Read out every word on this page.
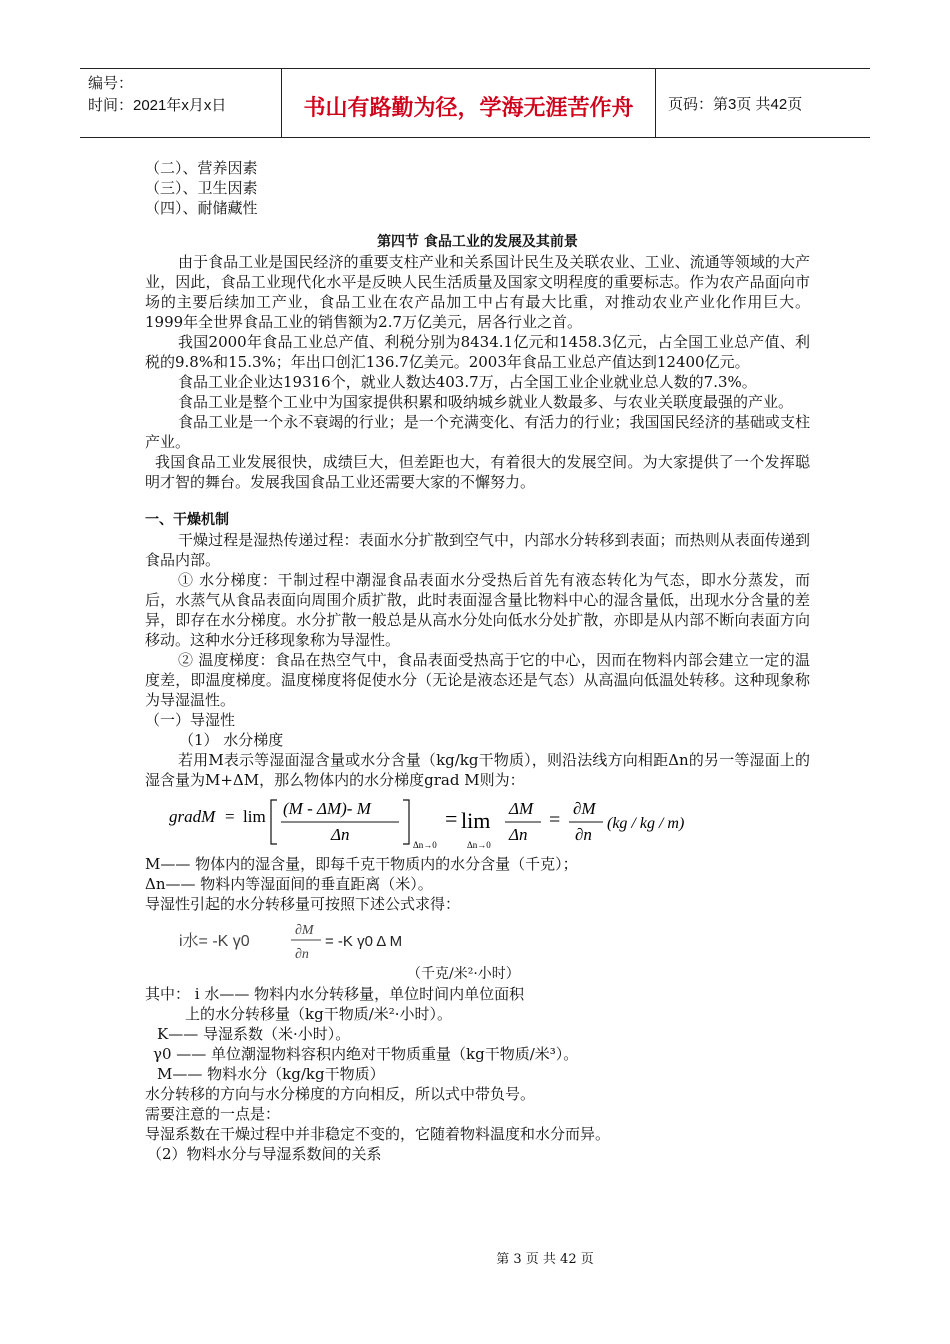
编号：
时间：2021年x月x日	书山有路勤为径，学海无涯苦作舟	页码：第3页 共42页

（二）、营养因素

（三）、卫生因素

（四）、耐储藏性

第四节 食品工业的发展及其前景

由于食品工业是国民经济的重要支柱产业和关系国计民生及关联农业、工业、流通等领域的大产业，因此，食品工业现代化水平是反映人民生活质量及国家文明程度的重要标志。作为农产品面向市场的主要后续加工产业，食品工业在农产品加工中占有最大比重，对推动农业产业化作用巨大。1999年全世界食品工业的销售额为2.7万亿美元，居各行业之首。

我国2000年食品工业总产值、利税分别为8434.1亿元和1458.3亿元，占全国工业总产值、利税的9.8%和15.3%；年出口创汇136.7亿美元。2003年食品工业总产值达到12400亿元。

食品工业企业达19316个，就业人数达403.7万，占全国工业企业就业总人数的7.3%。

食品工业是整个工业中为国家提供积累和吸纳城乡就业人数最多、与农业关联度最强的产业。

食品工业是一个永不衰竭的行业；是一个充满变化、有活力的行业；我国国民经济的基础或支柱产业。

我国食品工业发展很快，成绩巨大，但差距也大，有着很大的发展空间。为大家提供了一个发挥聪明才智的舞台。发展我国食品工业还需要大家的不懈努力。

一、干燥机制

干燥过程是湿热传递过程：表面水分扩散到空气中，内部水分转移到表面；而热则从表面传递到食品内部。

① 水分梯度：干制过程中潮湿食品表面水分受热后首先有液态转化为气态，即水分蒸发，而后，水蒸气从食品表面向周围介质扩散，此时表面湿含量比物料中心的湿含量低，出现水分含量的差异，即存在水分梯度。水分扩散一般总是从高水分处向低水分处扩散，亦即是从内部不断向表面方向移动。这种水分迁移现象称为导湿性。

② 温度梯度：食品在热空气中，食品表面受热高于它的中心，因而在物料内部会建立一定的温度差，即温度梯度。温度梯度将促使水分（无论是液态还是气态）从高温向低温处转移。这种现象称为导湿温性。

（一）导湿性

（1） 水分梯度

若用M表示等湿面湿含量或水分含量（kg/kg干物质），则沿法线方向相距Δn的另一等湿面上的湿含量为M+ΔM，那么物体内的水分梯度grad M则为：

gradM = lim (M - ΔM)- M
Δn
Δn→0
= lim
Δn→0
ΔM
Δn
=
∂M
∂n
(kg / kg / m)

M—— 物体内的湿含量，即每千克干物质内的水分含量（千克）；

Δn—— 物料内等湿面间的垂直距离（米）。

导湿性引起的水分转移量可按照下述公式求得：

i水= -K γ0
∂M
∂n
= -K γ0 Δ M

（千克/米²·小时）

其中： i 水—— 物料内水分转移量，单位时间内单位面积

上的水分转移量（kg干物质/米²·小时）。

K—— 导湿系数（米·小时）。

γ0 —— 单位潮湿物料容积内绝对干物质重量（kg干物质/米³）。

M—— 物料水分（kg/kg干物质）

水分转移的方向与水分梯度的方向相反，所以式中带负号。

需要注意的一点是：

导湿系数在干燥过程中并非稳定不变的，它随着物料温度和水分而异。

（2）物料水分与导湿系数间的关系

第 3 页 共 42 页
